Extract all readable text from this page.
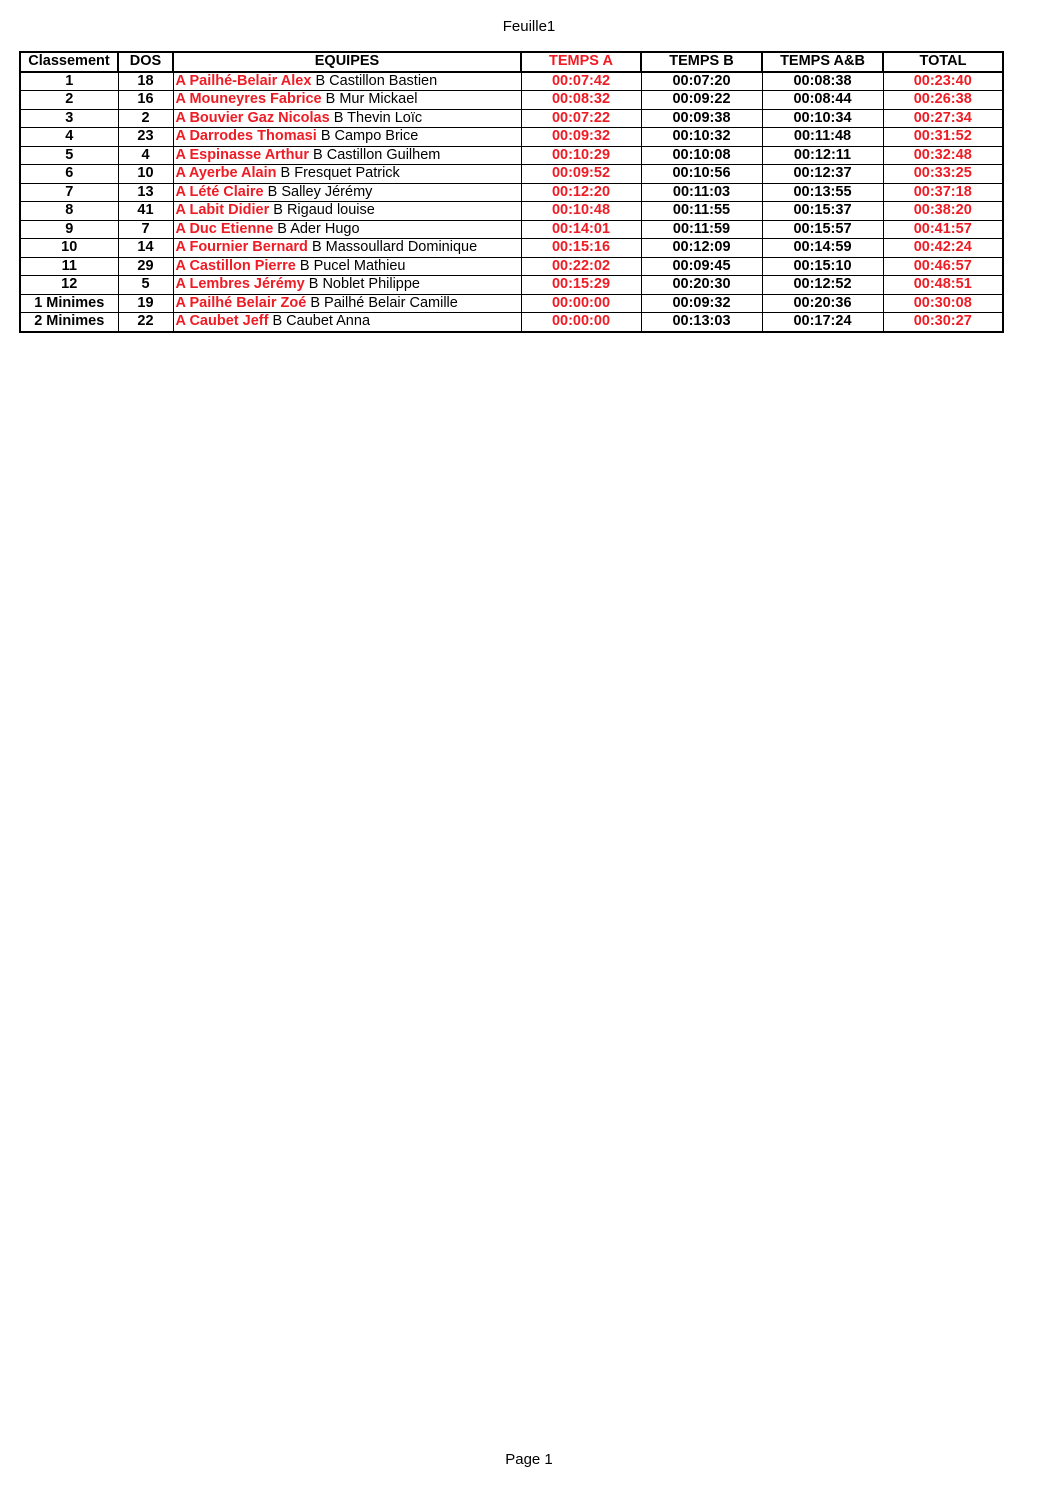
Feuille1
Classement	DOS	EQUIPES	TEMPS A	TEMPS B	TEMPS A&B	TOTAL
1	18	A Pailhé-Belair Alex B Castillon Bastien	00:07:42	00:07:20	00:08:38	00:23:40
2	16	A Mouneyres Fabrice B Mur Mickael	00:08:32	00:09:22	00:08:44	00:26:38
3	2	A Bouvier Gaz Nicolas B Thevin Loïc	00:07:22	00:09:38	00:10:34	00:27:34
4	23	A Darrodes Thomasi B Campo Brice	00:09:32	00:10:32	00:11:48	00:31:52
5	4	A Espinasse Arthur B Castillon Guilhem	00:10:29	00:10:08	00:12:11	00:32:48
6	10	A Ayerbe Alain B Fresquet Patrick	00:09:52	00:10:56	00:12:37	00:33:25
7	13	A Lété Claire B Salley Jérémy	00:12:20	00:11:03	00:13:55	00:37:18
8	41	A Labit Didier B Rigaud louise	00:10:48	00:11:55	00:15:37	00:38:20
9	7	A Duc Etienne B Ader Hugo	00:14:01	00:11:59	00:15:57	00:41:57
10	14	A Fournier Bernard B Massoullard Dominique	00:15:16	00:12:09	00:14:59	00:42:24
11	29	A Castillon Pierre B Pucel Mathieu	00:22:02	00:09:45	00:15:10	00:46:57
12	5	A Lembres Jérémy B Noblet Philippe	00:15:29	00:20:30	00:12:52	00:48:51
1 Minimes	19	A Pailhé Belair Zoé B Pailhé Belair Camille	00:00:00	00:09:32	00:20:36	00:30:08
2 Minimes	22	A Caubet Jeff B Caubet Anna	00:00:00	00:13:03	00:17:24	00:30:27
Page 1
